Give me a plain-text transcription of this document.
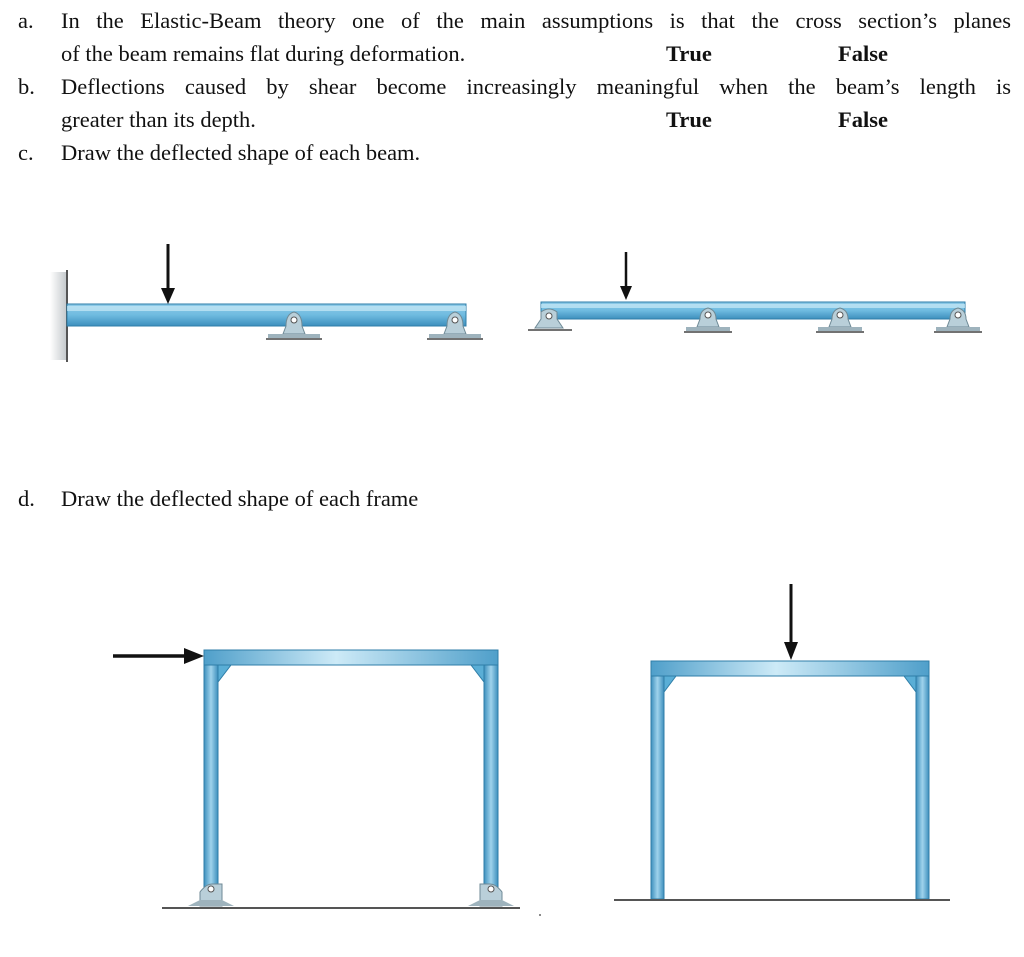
a. In the Elastic-Beam theory one of the main assumptions is that the cross section’s planes
of the beam remains flat during deformation.	True	False
b. Deflections caused by shear become increasingly meaningful when the beam’s length is
greater than its depth.	True	False
c. Draw the deflected shape of each beam.
d. Draw the deflected shape of each frame
